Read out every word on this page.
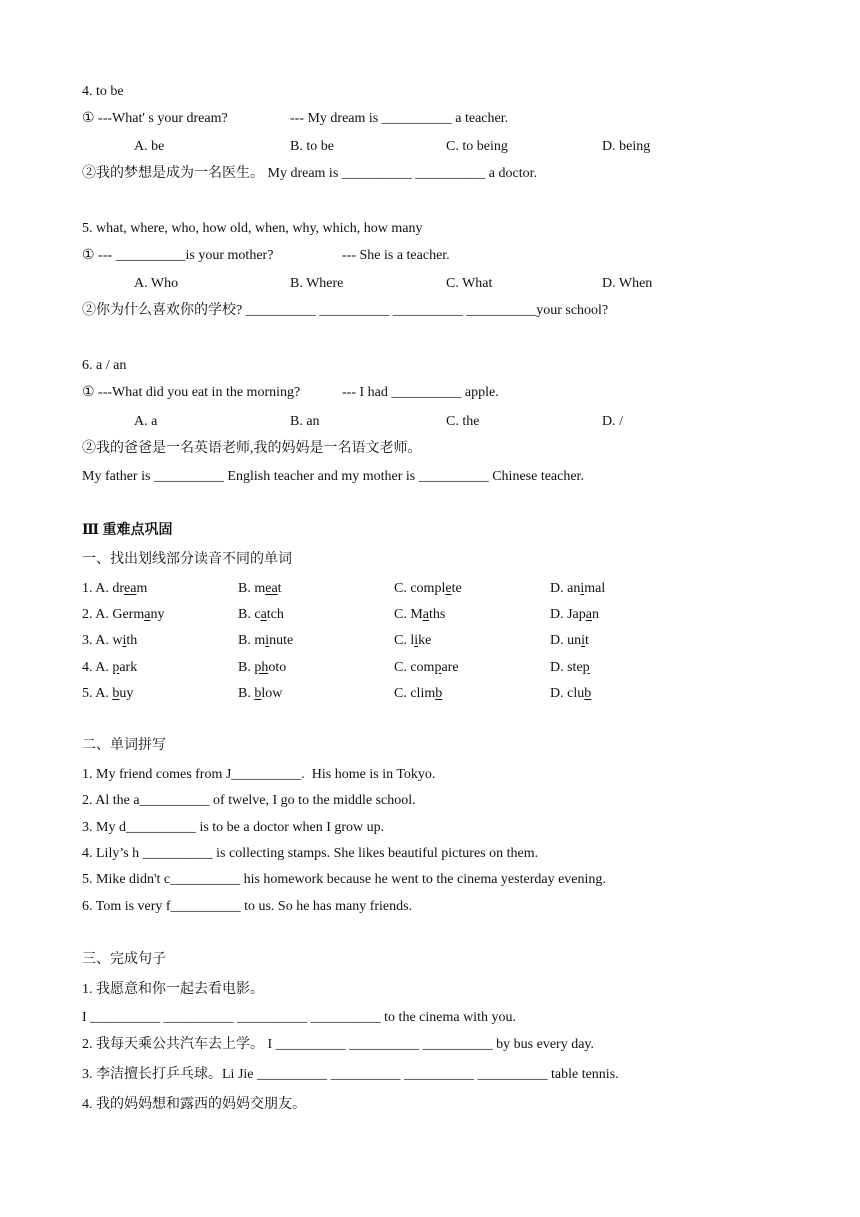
4. to be
① ---What' s your dream?	--- My dream is __________ a teacher.
A. be	B. to be	C. to being	D. being
②我的梦想是成为一名医生。 My dream is __________ __________ a doctor.
5. what, where, who, how old, when, why, which, how many
① --- __________is your mother?	--- She is a teacher.
A. Who	B. Where	C. What	D. When
②你为什么喜欢你的学校? __________ __________ __________ __________your school?
6. a / an
① ---What did you eat in the morning?	--- I had __________ apple.
A. a	B. an	C. the	D. /
②我的爸爸是一名英语老师,我的妈妈是一名语文老师。
My father is __________ English teacher and my mother is __________ Chinese teacher.
Ⅲ 重难点巩固
一、找出划线部分读音不同的单词
1. A. dream	B. meat	C. complete	D. animal
2. A. Germany	B. catch	C. Maths	D. Japan
3. A. with	B. minute	C. like	D. unit
4. A. park	B. photo	C. compare	D. step
5. A. buy	B. blow	C. climb	D. club
二、单词拼写
1. My friend comes from J__________.  His home is in Tokyo.
2. Al the a__________ of twelve, I go to the middle school.
3. My d__________ is to be a doctor when I grow up.
4. Lily’s h __________ is collecting stamps. She likes beautiful pictures on them.
5. Mike didn't c__________ his homework because he went to the cinema yesterday evening.
6. Tom is very f__________ to us. So he has many friends.
三、完成句子
1. 我愿意和你一起去看电影。
I __________ __________ __________ __________ to the cinema with you.
2. 我每天乘公共汽车去上学。 I __________ __________ __________ by bus every day.
3. 李洁擅长打乒乓球。Li Jie __________ __________ __________ __________ table tennis.
4. 我的妈妈想和露西的妈妈交朋友。
